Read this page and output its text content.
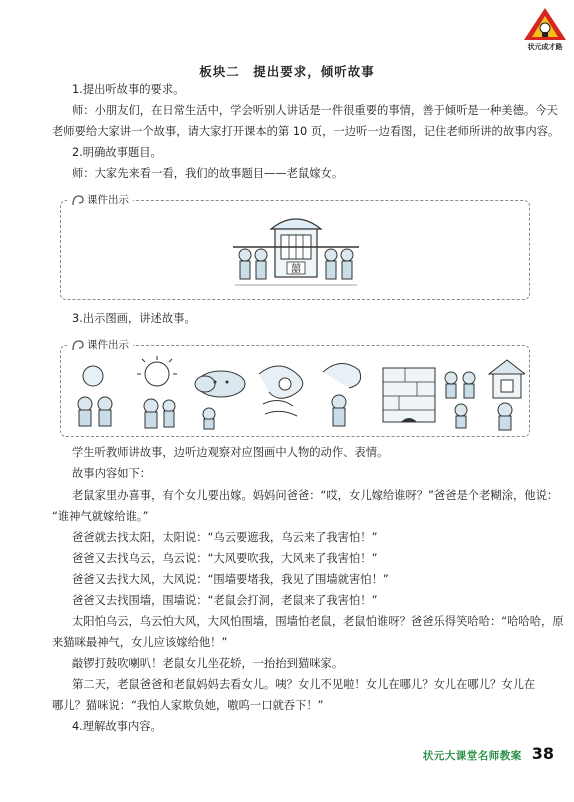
状元成才路
板块二　提出要求，倾听故事
1.提出听故事的要求。
师：小朋友们，在日常生活中，学会听别人讲话是一件很重要的事情，善于倾听是一种美德。今天
老师要给大家讲一个故事，请大家打开课本的第 10 页，一边听一边看图，记住老师所讲的故事内容。
2.明确故事题目。
师：大家先来看一看，我们的故事题目——老鼠嫁女。
课件出示
囍
3.出示图画，讲述故事。
课件出示
学生听教师讲故事，边听边观察对应图画中人物的动作、表情。
故事内容如下：
老鼠家里办喜事，有个女儿要出嫁。妈妈问爸爸：“哎，女儿嫁给谁呀？”爸爸是个老糊涂，他说：
“谁神气就嫁给谁。”
爸爸就去找太阳，太阳说：“乌云要遮我，乌云来了我害怕！”
爸爸又去找乌云，乌云说：“大风要吹我，大风来了我害怕！”
爸爸又去找大风，大风说：“围墙要堵我，我见了围墙就害怕！”
爸爸又去找围墙，围墙说：“老鼠会打洞，老鼠来了我害怕！”
太阳怕乌云，乌云怕大风，大风怕围墙，围墙怕老鼠，老鼠怕谁呀？爸爸乐得笑哈哈：“哈哈哈，原
来猫咪最神气，女儿应该嫁给他！”
敲锣打鼓吹喇叭！老鼠女儿坐花轿，一抬抬到猫咪家。
第二天，老鼠爸爸和老鼠妈妈去看女儿。咦？女儿不见啦！女儿在哪儿？女儿在哪儿？女儿在
哪儿？猫咪说：“我怕人家欺负她，嗷呜一口就吞下！”
4.理解故事内容。
状元大课堂名师教案 38
